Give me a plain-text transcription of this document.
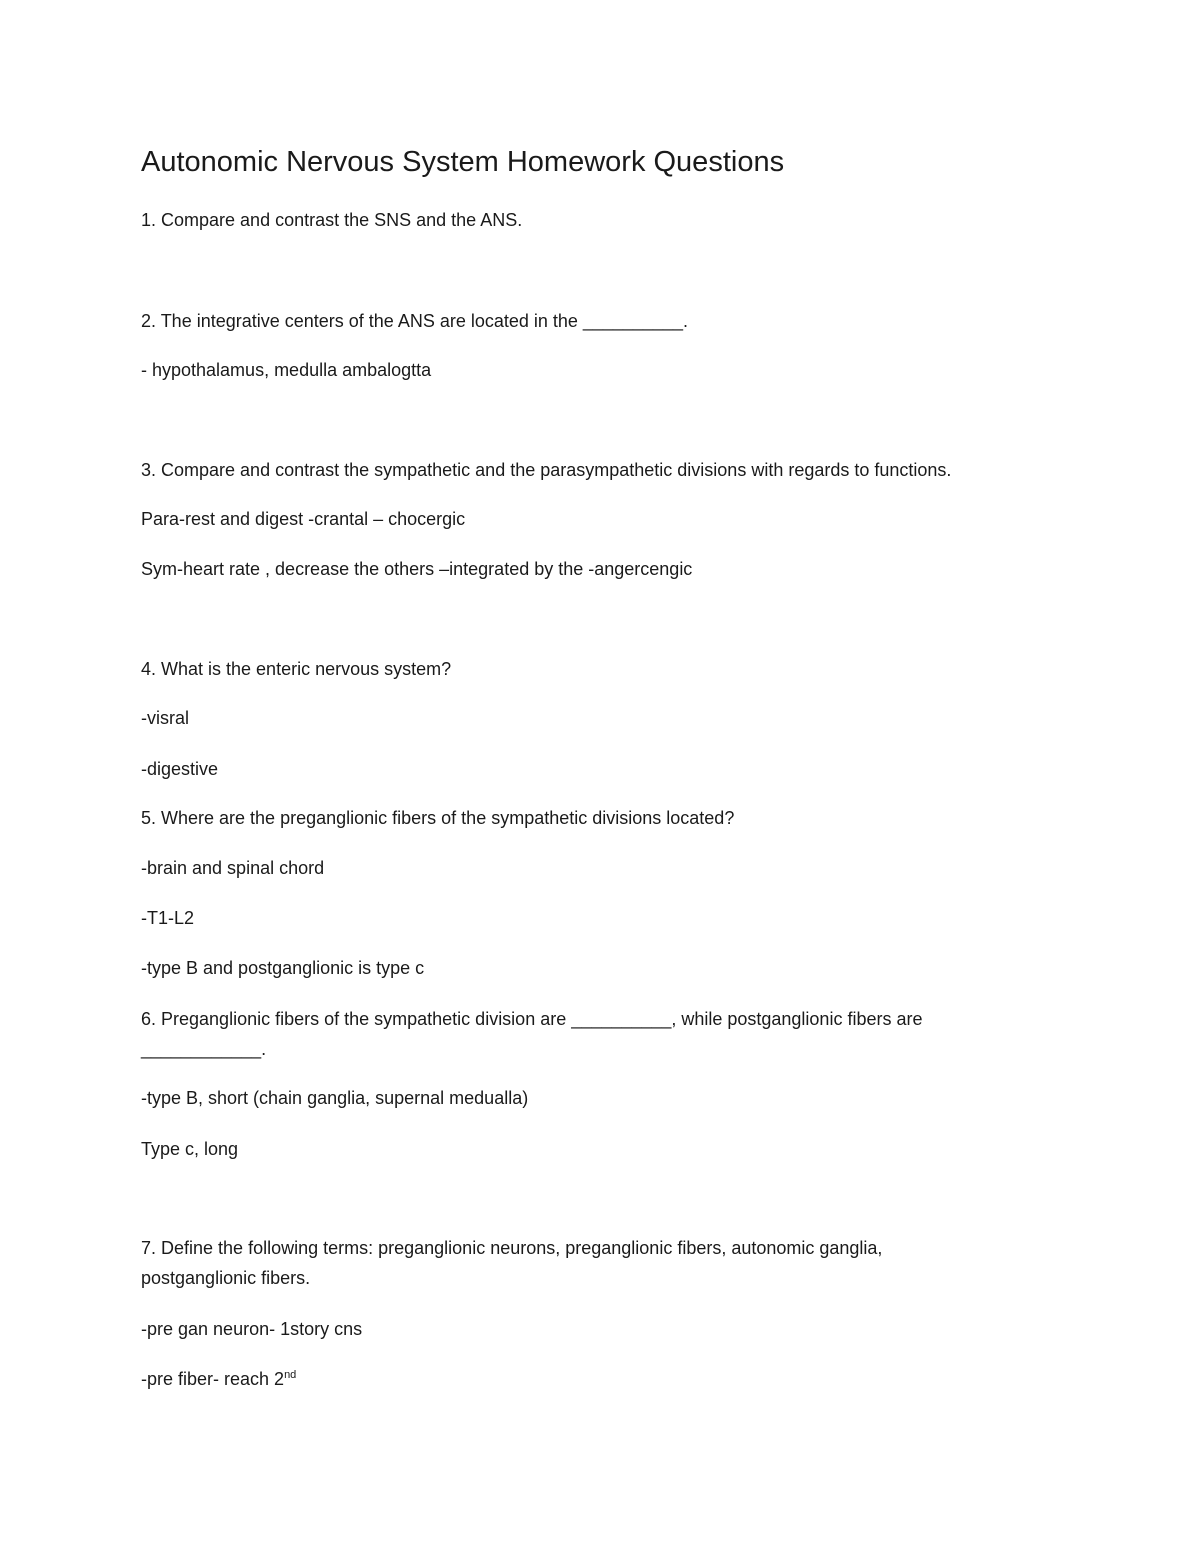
Autonomic Nervous System Homework Questions
1. Compare and contrast the SNS and the ANS.
2. The integrative centers of the ANS are located in the __________.
- hypothalamus, medulla ambalogtta
3. Compare and contrast the sympathetic and the parasympathetic divisions with regards to functions.
Para-rest and digest -crantal – chocergic
Sym-heart rate , decrease the others –integrated by the -angercengic
4. What is the enteric nervous system?
-visral
-digestive
5. Where are the preganglionic fibers of the sympathetic divisions located?
-brain and spinal chord
-T1-L2
-type B and postganglionic is type c
6. Preganglionic fibers of the sympathetic division are __________, while postganglionic fibers are
____________.
-type B, short (chain ganglia, supernal medualla)
Type c, long
7. Define the following terms: preganglionic neurons, preganglionic fibers, autonomic ganglia,
postganglionic fibers.
-pre gan neuron- 1story cns
-pre fiber- reach 2nd
